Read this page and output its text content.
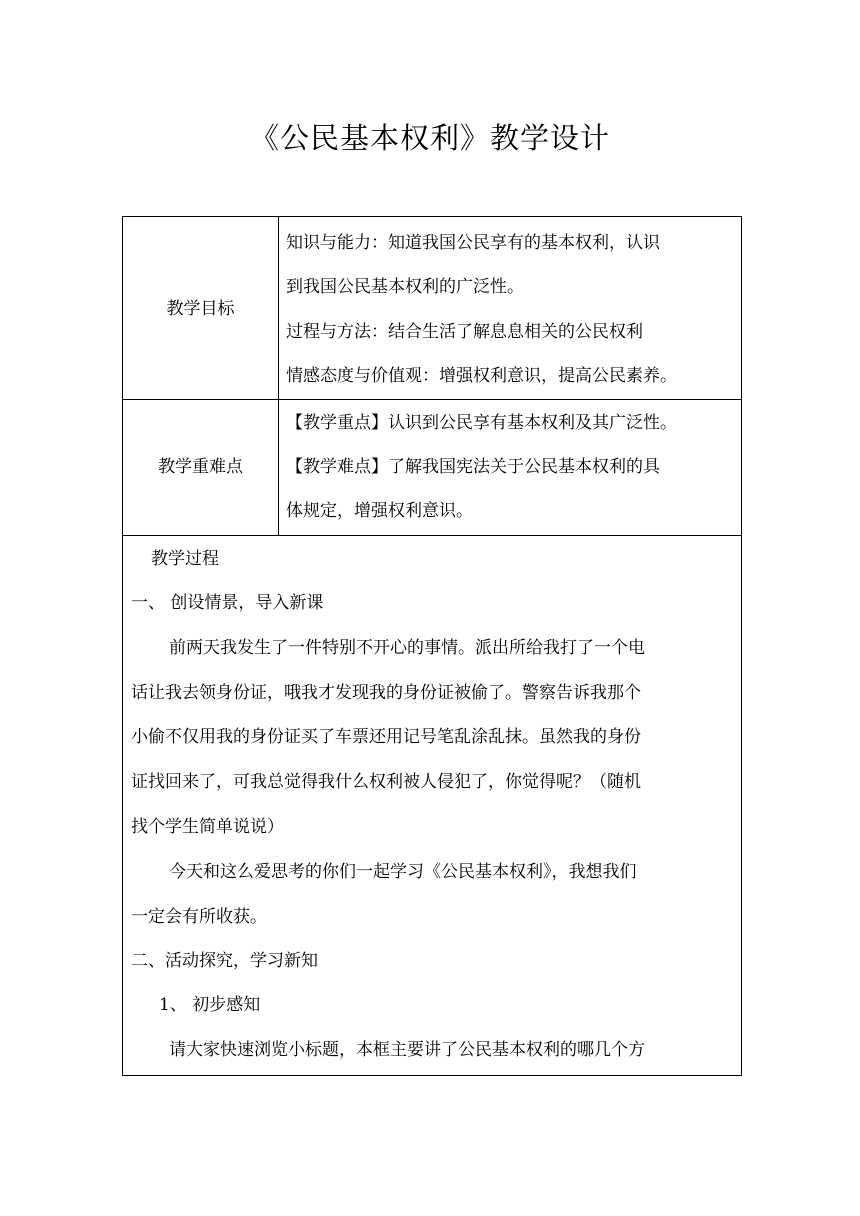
《公民基本权利》教学设计
教学目标
知识与能力：知道我国公民享有的基本权利，认识
到我国公民基本权利的广泛性。
过程与方法：结合生活了解息息相关的公民权利
情感态度与价值观：增强权利意识，提高公民素养。
教学重难点
【教学重点】认识到公民享有基本权利及其广泛性。
【教学难点】了解我国宪法关于公民基本权利的具
体规定，增强权利意识。
教学过程
一、 创设情景，导入新课
前两天我发生了一件特别不开心的事情。派出所给我打了一个电
话让我去领身份证，哦我才发现我的身份证被偷了。警察告诉我那个
小偷不仅用我的身份证买了车票还用记号笔乱涂乱抹。虽然我的身份
证找回来了，可我总觉得我什么权利被人侵犯了，你觉得呢？（随机
找个学生简单说说）
今天和这么爱思考的你们一起学习《公民基本权利》，我想我们
一定会有所收获。
二、活动探究，学习新知
1、 初步感知
请大家快速浏览小标题，本框主要讲了公民基本权利的哪几个方
